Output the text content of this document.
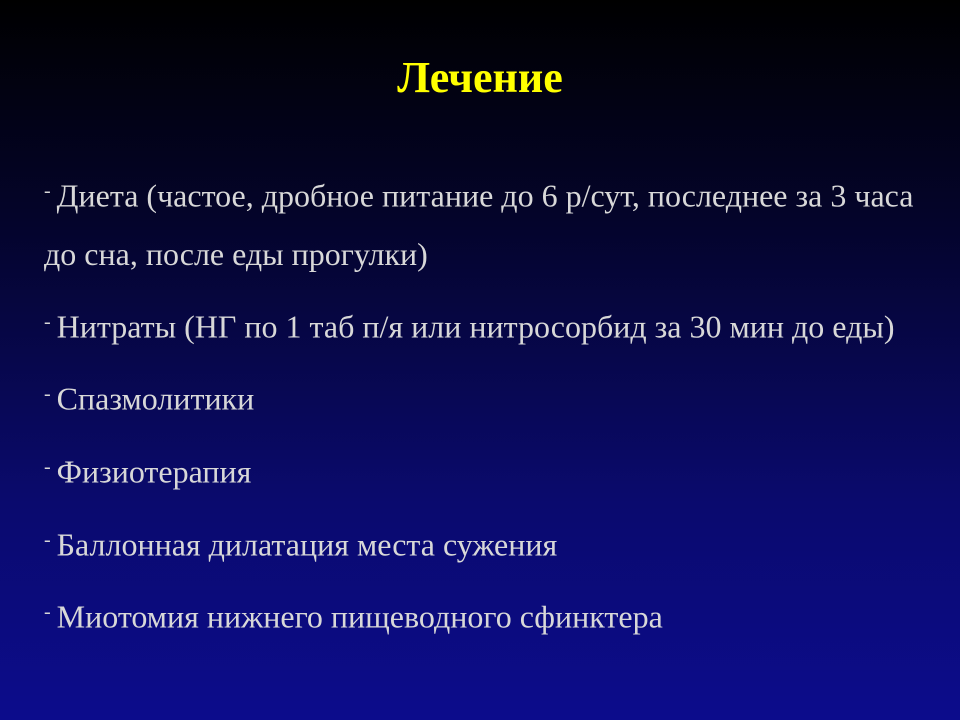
Лечение
- Диета (частое, дробное питание до 6 р/сут, последнее за 3 часа до сна, после еды прогулки)
- Нитраты (НГ по 1 таб п/я или нитросорбид за 30 мин до еды)
- Спазмолитики
- Физиотерапия
- Баллонная дилатация места сужения
- Миотомия нижнего пищеводного сфинктера
